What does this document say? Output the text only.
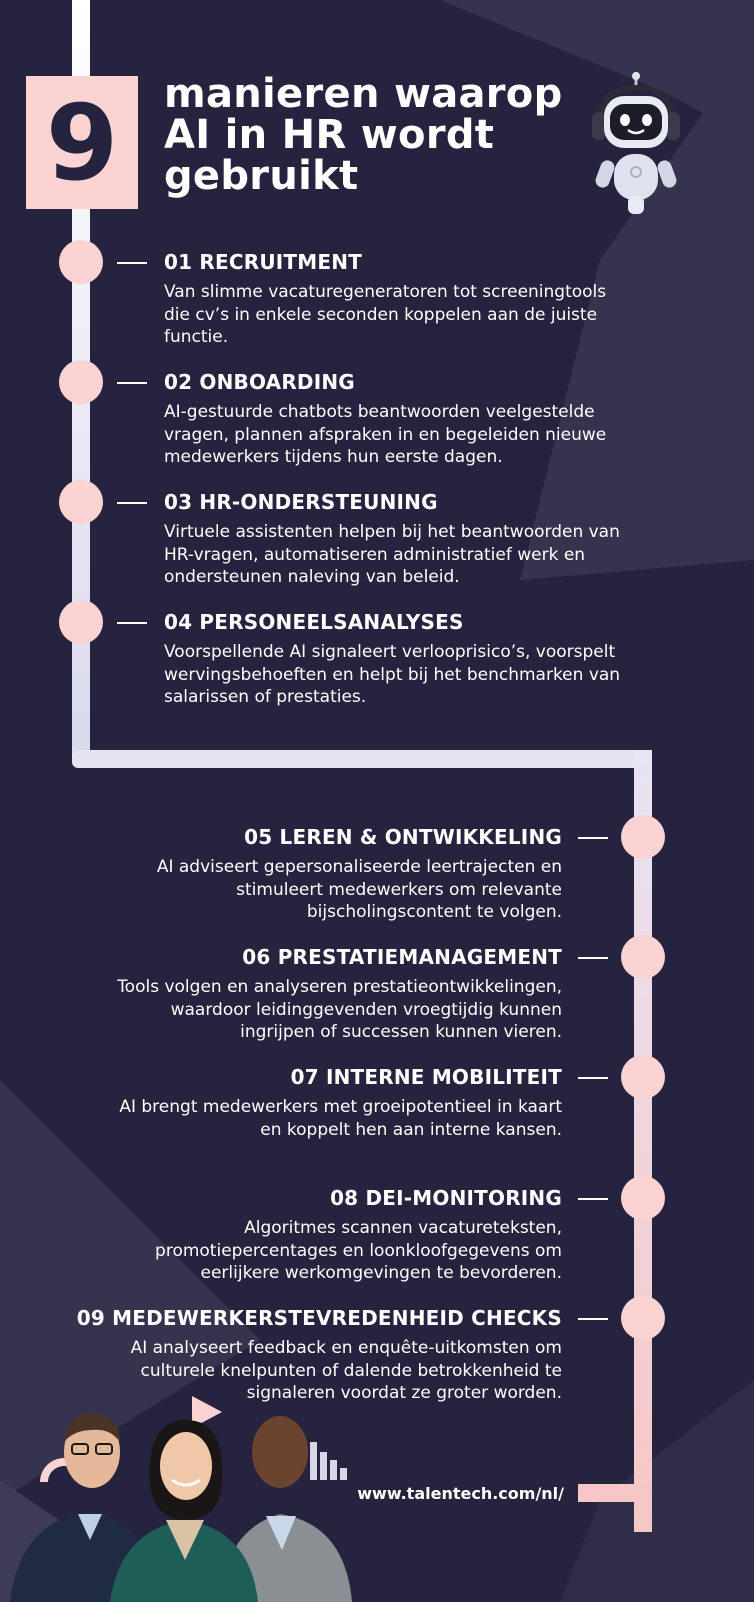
9 manieren waarop
AI in HR wordt
gebruikt
01 RECRUITMENT
Van slimme vacaturegeneratoren tot screeningtools
die cv’s in enkele seconden koppelen aan de juiste
functie.
02 ONBOARDING
AI-gestuurde chatbots beantwoorden veelgestelde
vragen, plannen afspraken in en begeleiden nieuwe
medewerkers tijdens hun eerste dagen.
03 HR-ONDERSTEUNING
Virtuele assistenten helpen bij het beantwoorden van
HR-vragen, automatiseren administratief werk en
ondersteunen naleving van beleid.
04 PERSONEELSANALYSES
Voorspellende AI signaleert verlooprisico’s, voorspelt
wervingsbehoeften en helpt bij het benchmarken van
salarissen of prestaties.
05 LEREN & ONTWIKKELING
AI adviseert gepersonaliseerde leertrajecten en
stimuleert medewerkers om relevante
bijscholingscontent te volgen.
06 PRESTATIEMANAGEMENT
Tools volgen en analyseren prestatieontwikkelingen,
waardoor leidinggevenden vroegtijdig kunnen
ingrijpen of successen kunnen vieren.
07 INTERNE MOBILITEIT
AI brengt medewerkers met groeipotentieel in kaart
en koppelt hen aan interne kansen.
08 DEI-MONITORING
Algoritmes scannen vacatureteksten,
promotiepercentages en loonkloofgegevens om
eerlijkere werkomgevingen te bevorderen.
09 MEDEWERKERSTEVREDENHEID CHECKS
AI analyseert feedback en enquête-uitkomsten om
culturele knelpunten of dalende betrokkenheid te
signaleren voordat ze groter worden.
www.talentech.com/nl/
